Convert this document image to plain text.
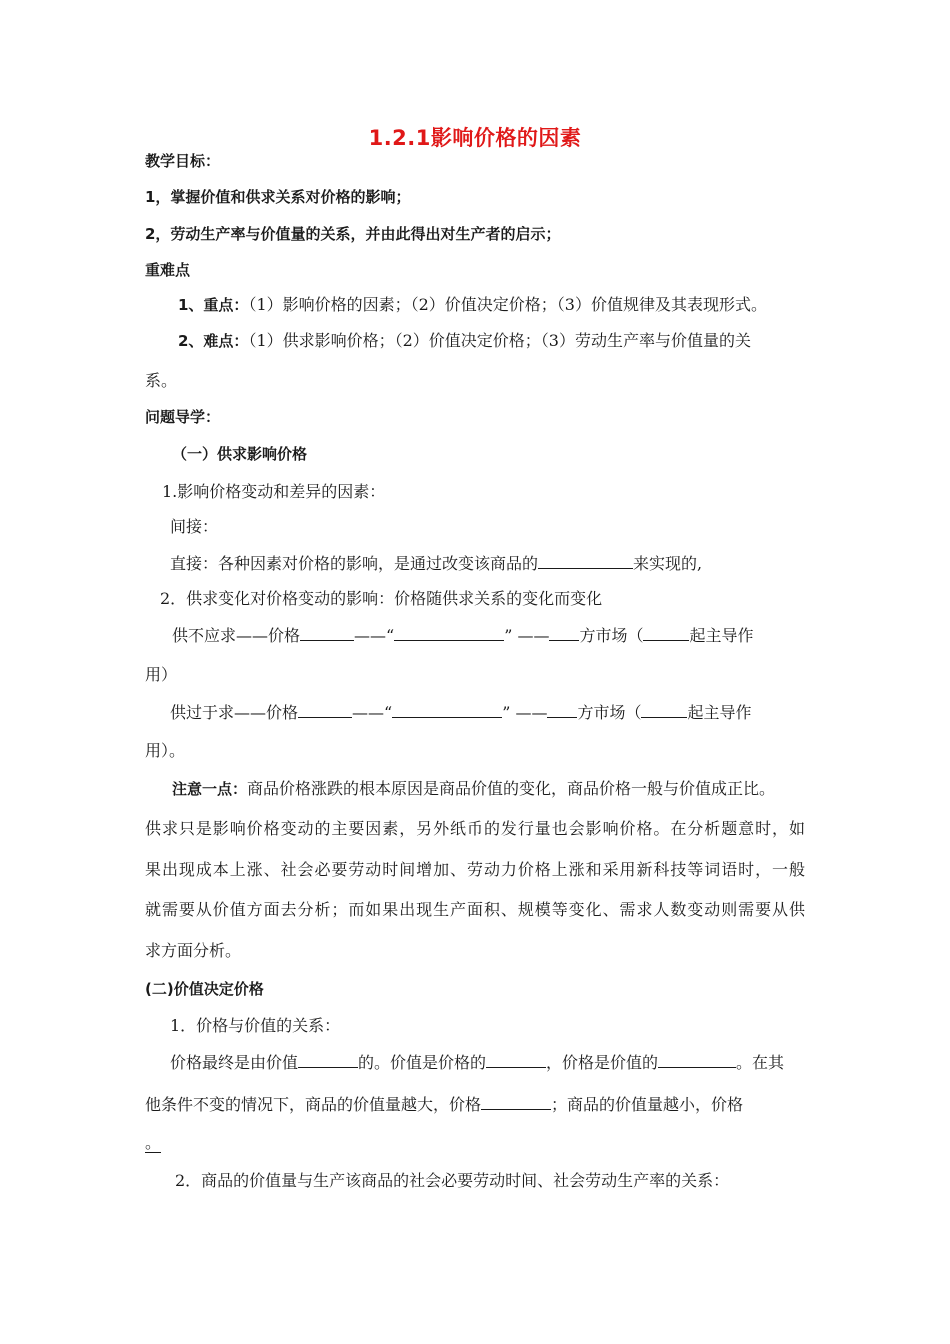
1.2.1影响价格的因素
教学目标：
1，掌握价值和供求关系对价格的影响；
2，劳动生产率与价值量的关系，并由此得出对生产者的启示；
重难点
1、重点：（1）影响价格的因素；（2）价值决定价格；（3）价值规律及其表现形式。
2、难点：（1）供求影响价格；（2）价值决定价格；（3）劳动生产率与价值量的关
系。
问题导学：
（一）供求影响价格
1.影响价格变动和差异的因素：
间接：
直接：各种因素对价格的影响，是通过改变该商品的	来实现的,
2．供求变化对价格变动的影响：价格随供求关系的变化而变化
供不应求——价格	——“	” —— 方市场（	起主导作
用）
供过于求——价格	——“	” —— 方市场（	起主导作
用）。
注意一点：商品价格涨跌的根本原因是商品价值的变化，商品价格一般与价值成正比。
供求只是影响价格变动的主要因素，另外纸币的发行量也会影响价格。在分析题意时，如
果出现成本上涨、社会必要劳动时间增加、劳动力价格上涨和采用新科技等词语时，一般
就需要从价值方面去分析；而如果出现生产面积、规模等变化、需求人数变动则需要从供
求方面分析。
(二)价值决定价格
1．价格与价值的关系：
价格最终是由价值	的。价值是价格的	，价格是价值的	。在其
他条件不变的情况下，商品的价值量越大，价格	；商品的价值量越小，价格
。
2．商品的价值量与生产该商品的社会必要劳动时间、社会劳动生产率的关系：
